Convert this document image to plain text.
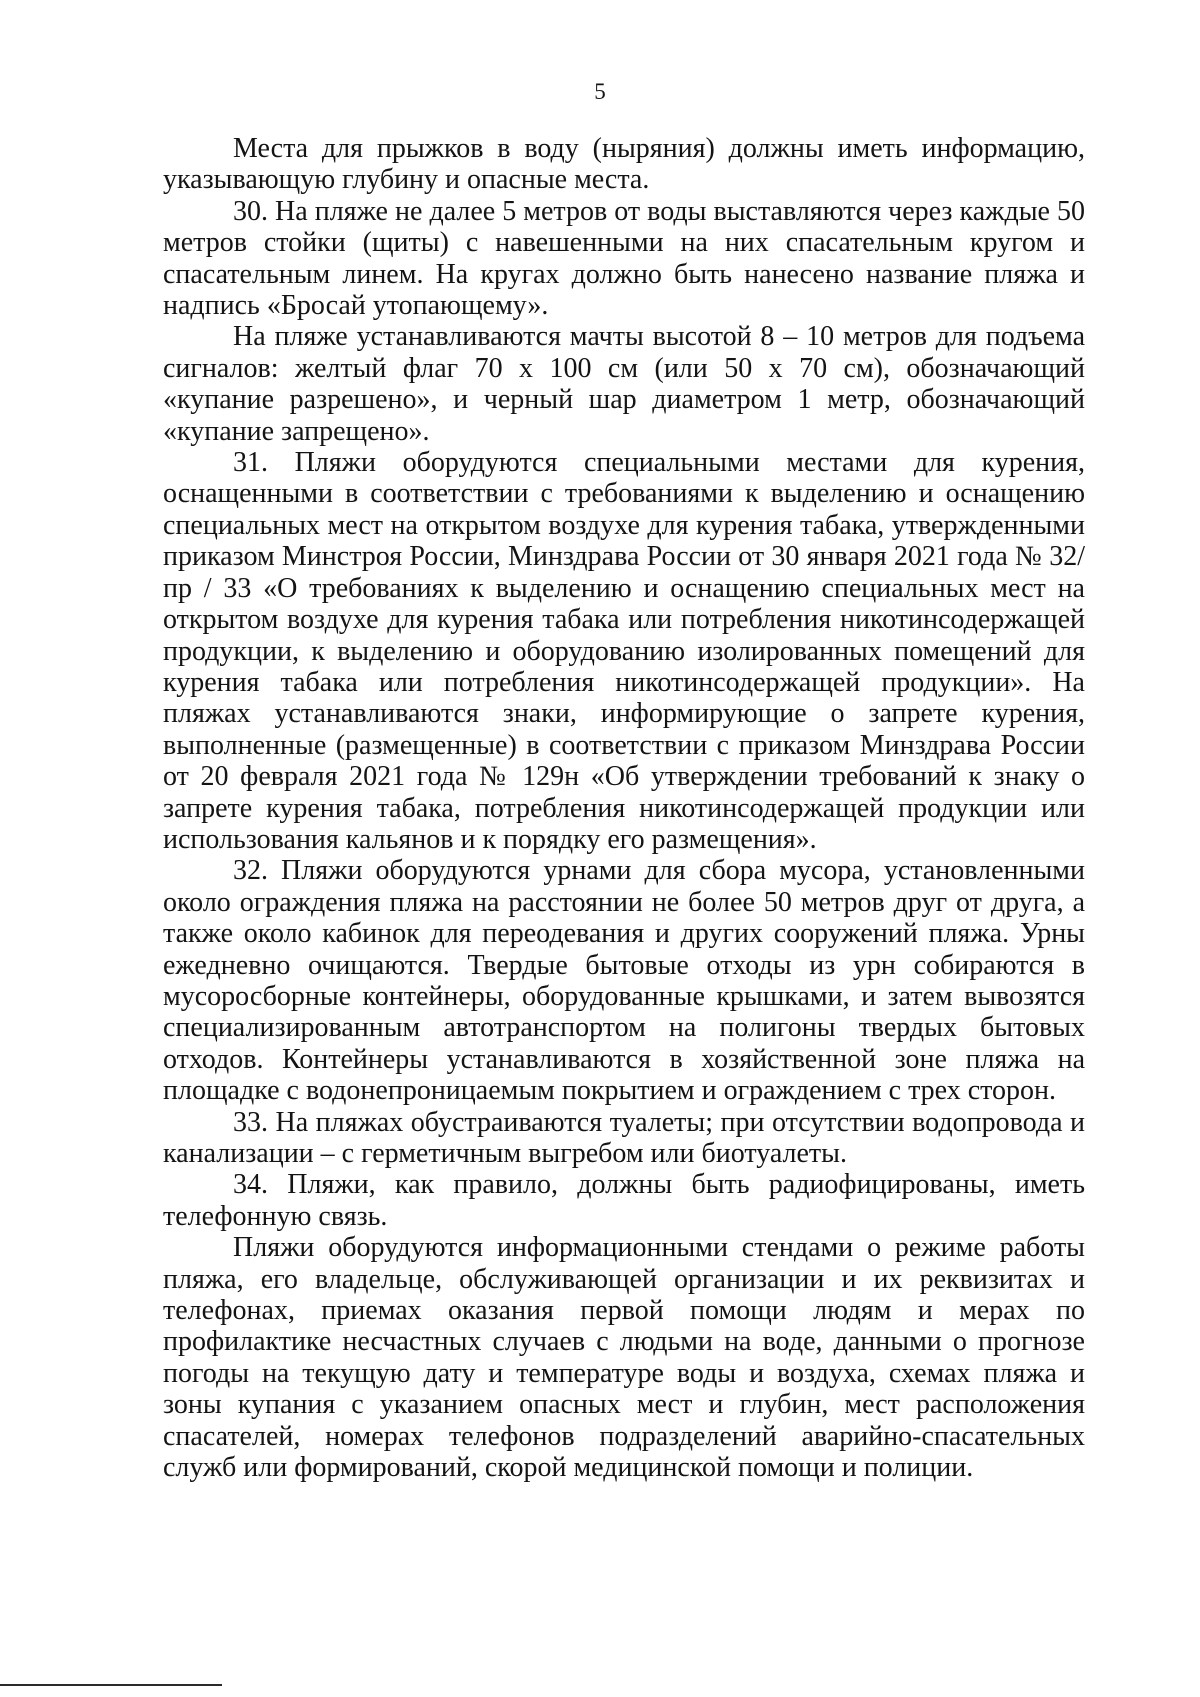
5

Места для прыжков в воду (ныряния) должны иметь информацию, указывающую глубину и опасные места.

30. На пляже не далее 5 метров от воды выставляются через каждые 50 метров стойки (щиты) с навешенными на них спасательным кругом и спасательным линем. На кругах должно быть нанесено название пляжа и надпись «Бросай утопающему».

На пляже устанавливаются мачты высотой 8 – 10 метров для подъема сигналов: желтый флаг 70 х 100 см (или 50 х 70 см), обозначающий «купание разрешено», и черный шар диаметром 1 метр, обозначающий «купание запрещено».

31. Пляжи оборудуются специальными местами для курения, оснащенными в соответствии с требованиями к выделению и оснащению специальных мест на открытом воздухе для курения табака, утвержденными приказом Минстроя России, Минздрава России от 30 января 2021 года № 32/пр / 33 «О требованиях к выделению и оснащению специальных мест на открытом воздухе для курения табака или потребления никотинсодержащей продукции, к выделению и оборудованию изолированных помещений для курения табака или потребления никотинсодержащей продукции». На пляжах устанавливаются знаки, информирующие о запрете курения, выполненные (размещенные) в соответствии с приказом Минздрава России от 20 февраля 2021 года № 129н «Об утверждении требований к знаку о запрете курения табака, потребления никотинсодержащей продукции или использования кальянов и к порядку его размещения».

32. Пляжи оборудуются урнами для сбора мусора, установленными около ограждения пляжа на расстоянии не более 50 метров друг от друга, а также около кабинок для переодевания и других сооружений пляжа. Урны ежедневно очищаются. Твердые бытовые отходы из урн собираются в мусоросборные контейнеры, оборудованные крышками, и затем вывозятся специализированным автотранспортом на полигоны твердых бытовых отходов. Контейнеры устанавливаются в хозяйственной зоне пляжа на площадке с водонепроницаемым покрытием и ограждением с трех сторон.

33. На пляжах обустраиваются туалеты; при отсутствии водопровода и канализации – с герметичным выгребом или биотуалеты.

34. Пляжи, как правило, должны быть радиофицированы, иметь телефонную связь.

Пляжи оборудуются информационными стендами о режиме работы пляжа, его владельце, обслуживающей организации и их реквизитах и телефонах, приемах оказания первой помощи людям и мерах по профилактике несчастных случаев с людьми на воде, данными о прогнозе погоды на текущую дату и температуре воды и воздуха, схемах пляжа и зоны купания с указанием опасных мест и глубин, мест расположения спасателей, номерах телефонов подразделений аварийно-спасательных служб или формирований, скорой медицинской помощи и полиции.
